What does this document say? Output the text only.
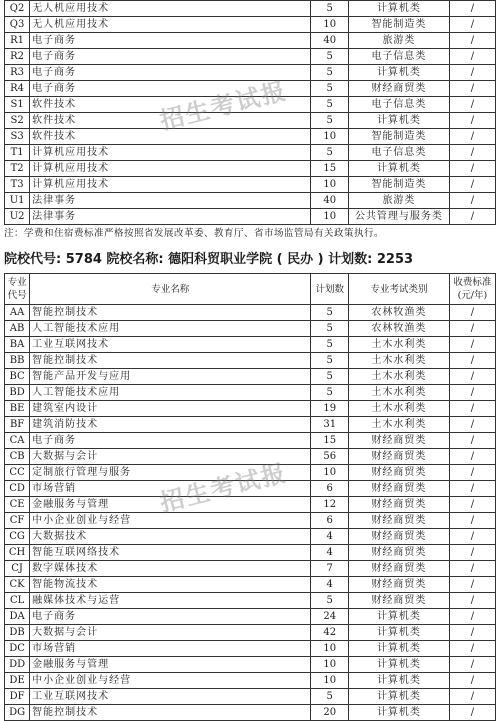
Q2	无人机应用技术	5	计算机类	/
Q3	无人机应用技术	10	智能制造类	/
R1	电子商务	40	旅游类	/
R2	电子商务	5	电子信息类	/
R3	电子商务	5	计算机类	/
R4	电子商务	5	财经商贸类	/
S1	软件技术	5	电子信息类	/
S2	软件技术	5	计算机类	/
S3	软件技术	10	智能制造类	/
T1	计算机应用技术	5	电子信息类	/
T2	计算机应用技术	15	计算机类	/
T3	计算机应用技术	10	智能制造类	/
U1	法律事务	40	旅游类	/
U2	法律事务	10	公共管理与服务类	/
注：学费和住宿费标准严格按照省发展改革委、教育厅、省市场监管局有关政策执行。
院校代号: 5784 院校名称: 德阳科贸职业学院 ( 民办 ) 计划数: 2253
专业代号	专业名称	计划数	专业考试类别	收费标准(元/年)
AA	智能控制技术	5	农林牧渔类	/
AB	人工智能技术应用	5	农林牧渔类	/
BA	工业互联网技术	5	土木水利类	/
BB	智能控制技术	5	土木水利类	/
BC	智能产品开发与应用	5	土木水利类	/
BD	人工智能技术应用	5	土木水利类	/
BE	建筑室内设计	19	土木水利类	/
BF	建筑消防技术	31	土木水利类	/
CA	电子商务	15	财经商贸类	/
CB	大数据与会计	56	财经商贸类	/
CC	定制旅行管理与服务	10	财经商贸类	/
CD	市场营销	6	财经商贸类	/
CE	金融服务与管理	12	财经商贸类	/
CF	中小企业创业与经营	6	财经商贸类	/
CG	大数据技术	4	财经商贸类	/
CH	智能互联网络技术	4	财经商贸类	/
CJ	数字媒体技术	7	财经商贸类	/
CK	智能物流技术	4	财经商贸类	/
CL	融媒体技术与运营	5	财经商贸类	/
DA	电子商务	24	计算机类	/
DB	大数据与会计	42	计算机类	/
DC	市场营销	10	计算机类	/
DD	金融服务与管理	10	计算机类	/
DE	中小企业创业与经营	10	计算机类	/
DF	工业互联网技术	5	计算机类	/
DG	智能控制技术	20	计算机类	/
招生考试报
招生考试报
